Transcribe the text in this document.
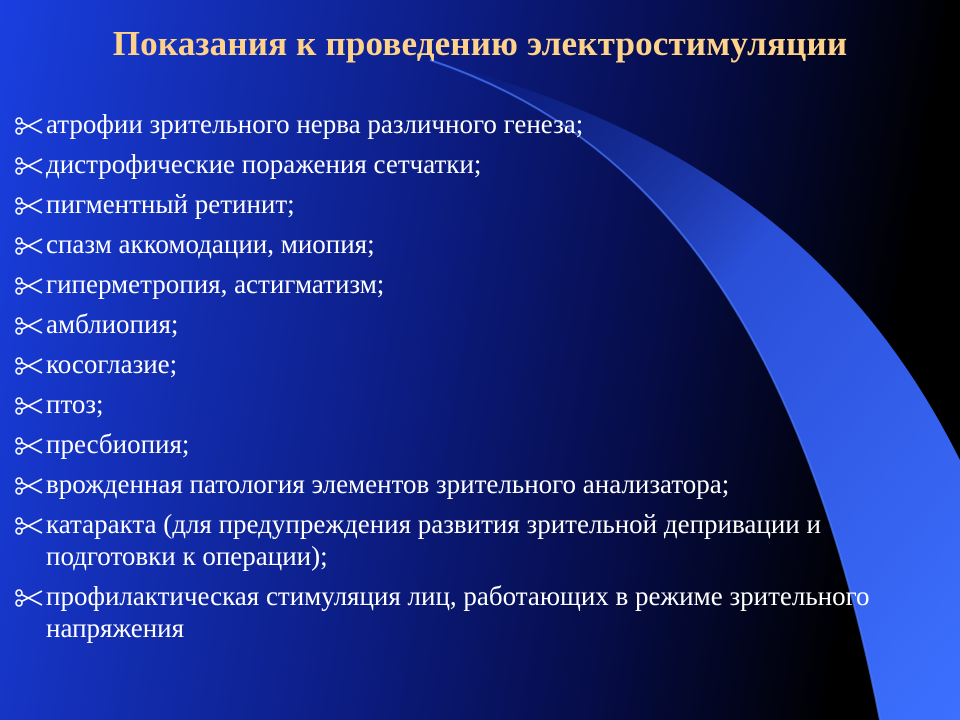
Показания к проведению электростимуляции
атрофии зрительного нерва различного генеза;
дистрофические поражения сетчатки;
пигментный ретинит;
спазм аккомодации, миопия;
гиперметропия, астигматизм;
амблиопия;
косоглазие;
птоз;
пресбиопия;
врожденная патология элементов зрительного анализатора;
катаракта (для предупреждения развития зрительной депривации и подготовки к операции);
профилактическая стимуляция лиц, работающих в режиме зрительного напряжения
